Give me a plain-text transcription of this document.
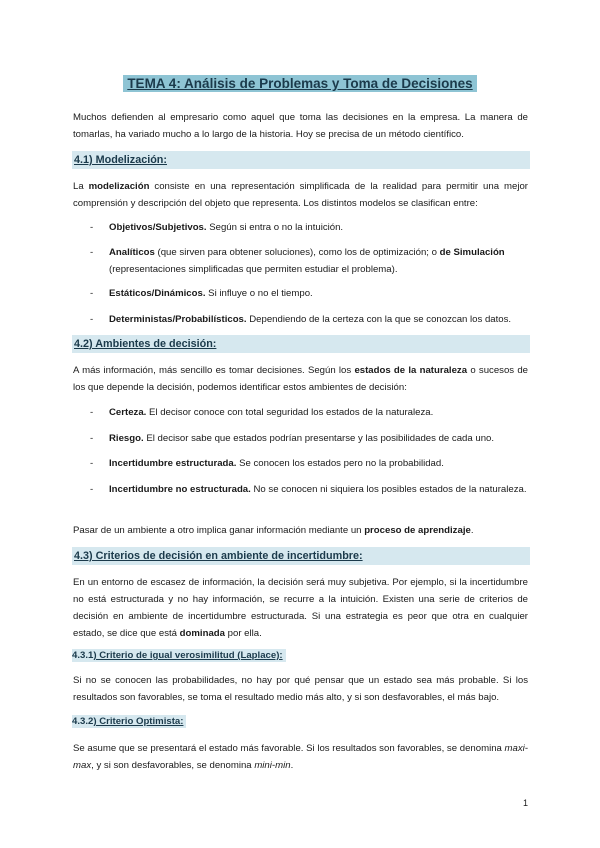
TEMA 4: Análisis de Problemas y Toma de Decisiones
Muchos defienden al empresario como aquel que toma las decisiones en la empresa. La manera de tomarlas, ha variado mucho a lo largo de la historia. Hoy se precisa de un método científico.
4.1) Modelización:
La modelización consiste en una representación simplificada de la realidad para permitir una mejor comprensión y descripción del objeto que representa. Los distintos modelos se clasifican entre:
- Objetivos/Subjetivos. Según si entra o no la intuición.
- Analíticos (que sirven para obtener soluciones), como los de optimización; o de Simulación (representaciones simplificadas que permiten estudiar el problema).
- Estáticos/Dinámicos. Si influye o no el tiempo.
- Deterministas/Probabilísticos. Dependiendo de la certeza con la que se conozcan los datos.
4.2) Ambientes de decisión:
A más información, más sencillo es tomar decisiones. Según los estados de la naturaleza o sucesos de los que depende la decisión, podemos identificar estos ambientes de decisión:
- Certeza. El decisor conoce con total seguridad los estados de la naturaleza.
- Riesgo. El decisor sabe que estados podrían presentarse y las posibilidades de cada uno.
- Incertidumbre estructurada. Se conocen los estados pero no la probabilidad.
- Incertidumbre no estructurada. No se conocen ni siquiera los posibles estados de la naturaleza.
Pasar de un ambiente a otro implica ganar información mediante un proceso de aprendizaje.
4.3) Criterios de decisión en ambiente de incertidumbre:
En un entorno de escasez de información, la decisión será muy subjetiva. Por ejemplo, si la incertidumbre no está estructurada y no hay información, se recurre a la intuición. Existen una serie de criterios de decisión en ambiente de incertidumbre estructurada. Si una estrategia es peor que otra en cualquier estado, se dice que está dominada por ella.
4.3.1) Criterio de igual verosimilitud (Laplace):
Si no se conocen las probabilidades, no hay por qué pensar que un estado sea más probable. Si los resultados son favorables, se toma el resultado medio más alto, y si son desfavorables, el más bajo.
4.3.2) Criterio Optimista:
Se asume que se presentará el estado más favorable. Si los resultados son favorables, se denomina maxi-max, y si son desfavorables, se denomina mini-min.
1
